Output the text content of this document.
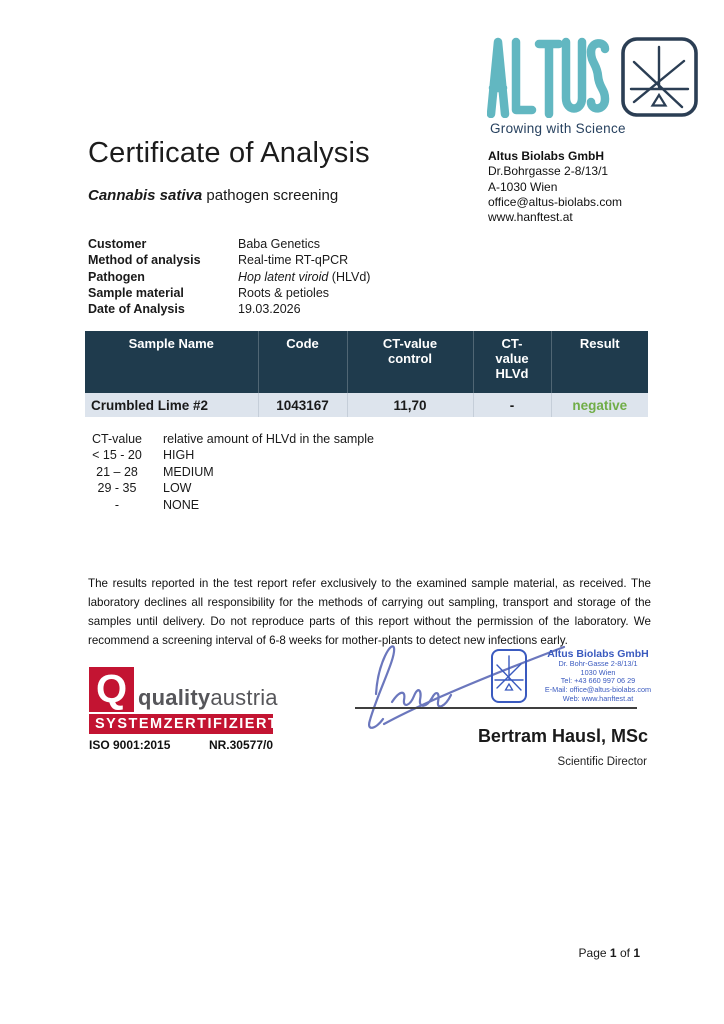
Growing with Science
Altus Biolabs GmbH
Dr.Bohrgasse 2-8/13/1
A-1030 Wien
office@altus-biolabs.com
www.hanftest.at
Certificate of Analysis
Cannabis sativa pathogen screening
Customer	Baba Genetics
Method of analysis	Real-time RT-qPCR
Pathogen	Hop latent viroid (HLVd)
Sample material	Roots & petioles
Date of Analysis	19.03.2026
Sample Name	Code	CT-value control	CT-value HLVd	Result
Crumbled Lime #2	1043167	11,70	-	negative
CT-value	relative amount of HLVd in the sample
< 15 - 20	HIGH
21 – 28	MEDIUM
29 - 35	LOW
-	NONE

The results reported in the test report refer exclusively to the examined sample material, as received. The laboratory declines all responsibility for the methods of carrying out sampling, transport and storage of the samples until delivery. Do not reproduce parts of this report without the permission of the laboratory. We recommend a screening interval of 6-8 weeks for mother-plants to detect new infections early.

Q qualityaustria
SYSTEMZERTIFIZIERT
ISO 9001:2015	NR.30577/0
Altus Biolabs GmbH
Dr. Bohr-Gasse 2-8/13/1
1030 Wien
Tel: +43 660 997 06 29
E-Mail: office@altus-biolabs.com
Web: www.hanftest.at
Bertram Hausl, MSc
Scientific Director
Page 1 of 1
